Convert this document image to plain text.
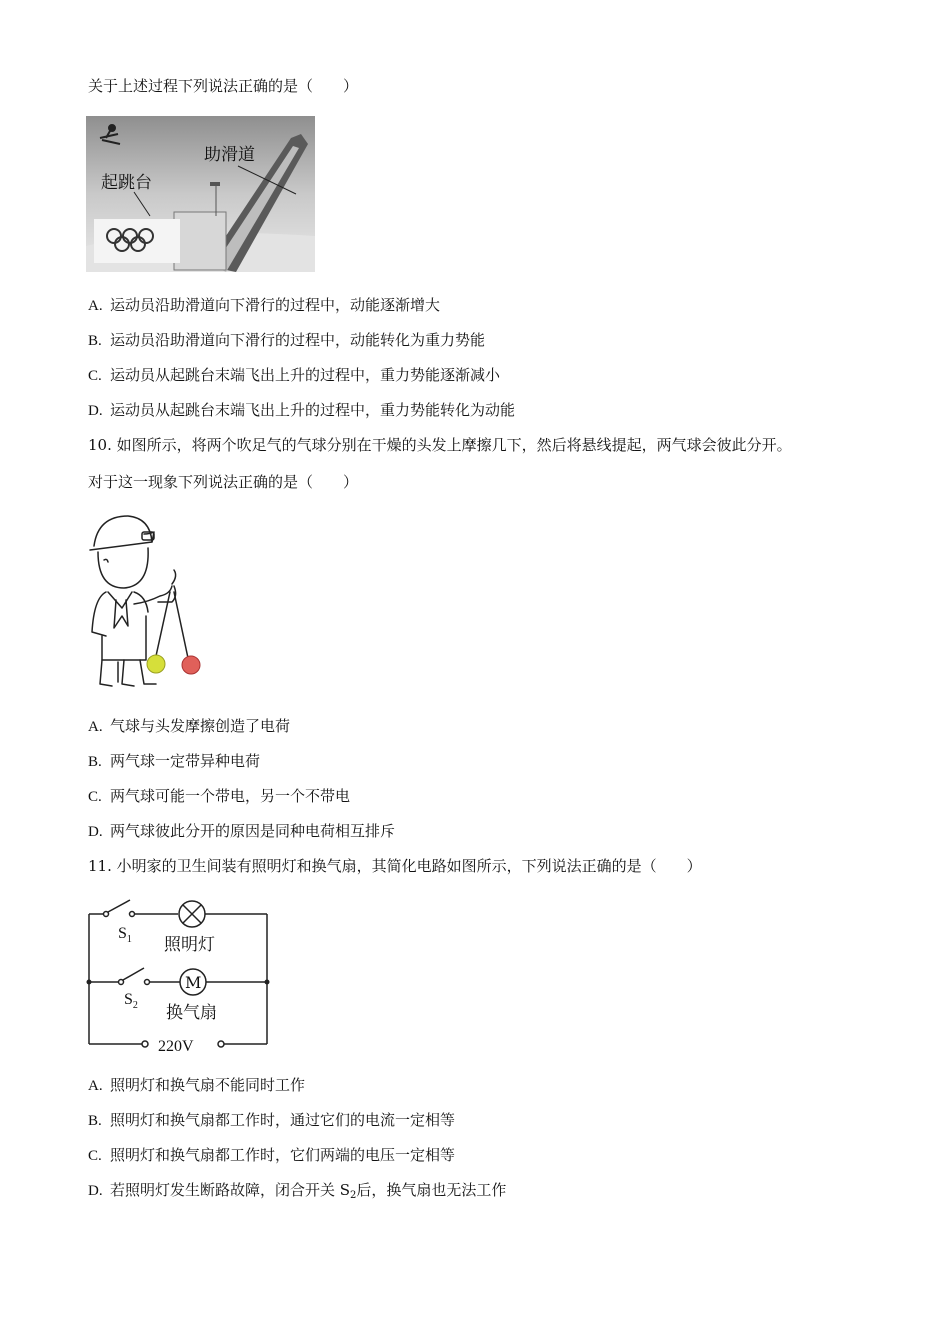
关于上述过程下列说法正确的是（　　）
助滑道
起跳台
A. 运动员沿助滑道向下滑行的过程中，动能逐渐增大
B. 运动员沿助滑道向下滑行的过程中，动能转化为重力势能
C. 运动员从起跳台末端飞出上升的过程中，重力势能逐渐减小
D. 运动员从起跳台末端飞出上升的过程中，重力势能转化为动能
10. 如图所示，将两个吹足气的气球分别在干燥的头发上摩擦几下，然后将悬线提起，两气球会彼此分开。
对于这一现象下列说法正确的是（　　）
A. 气球与头发摩擦创造了电荷
B. 两气球一定带异种电荷
C. 两气球可能一个带电，另一个不带电
D. 两气球彼此分开的原因是同种电荷相互排斥
11. 小明家的卫生间装有照明灯和换气扇，其简化电路如图所示，下列说法正确的是（　　）
M
$S_1$
$S_2$
照明灯
换气扇
220V
A. 照明灯和换气扇不能同时工作
B. 照明灯和换气扇都工作时，通过它们的电流一定相等
C. 照明灯和换气扇都工作时，它们两端的电压一定相等
D. 若照明灯发生断路故障，闭合开关 $S_2$后，换气扇也无法工作
